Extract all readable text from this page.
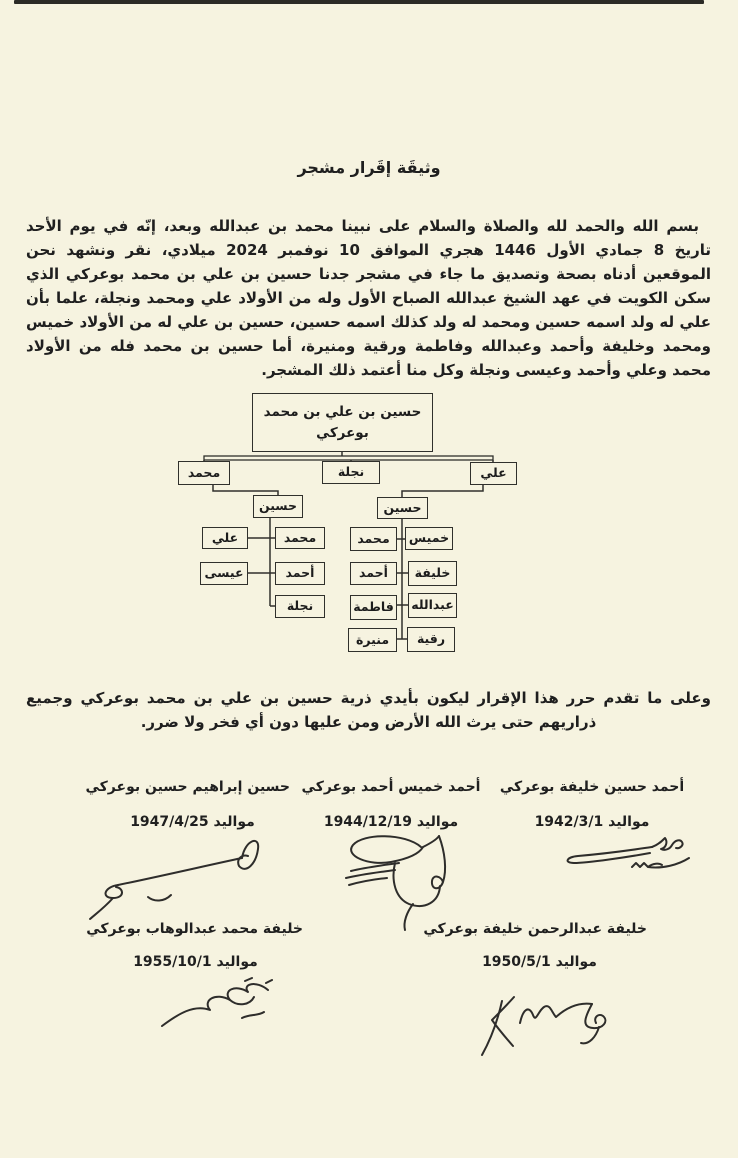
وثيقَة إقَرار مشجر
بسم الله والحمد لله والصلاة والسلام على نبينا محمد بن عبدالله وبعد، إنّه في يوم الأحد تاريخ 8 جمادي الأول 1446 هجري الموافق 10 نوفمبر 2024 ميلادي، نقر ونشهد نحن الموقعين أدناه بصحة وتصديق ما جاء في مشجر جدنا حسين بن علي بن محمد بوعركي الذي سكن الكويت في عهد الشيخ عبدالله الصباح الأول وله من الأولاد علي ومحمد ونجلة، علما بأن علي له ولد اسمه حسين ومحمد له ولد كذلك اسمه حسين، حسين بن علي له من الأولاد خميس ومحمد وخليفة وأحمد وعبدالله وفاطمة ورقية ومنيرة، أما حسين بن محمد فله من الأولاد محمد وعلي وأحمد وعيسى ونجلة وكل منا أعتمد ذلك المشجر.
حسين بن علي بن محمد بوعركي
محمد	نجلة	علي
حسين	حسين
محمد
علي
أحمد
عيسى
نجلة
خميس
محمد
خليفة
أحمد
عبدالله
فاطمة
رقية
منيرة
وعلى ما تقدم حرر هذا الإقرار ليكون بأيدي ذرية حسين بن علي بن محمد بوعركي وجميع ذراريهم حتى يرث الله الأرض ومن عليها دون أي فخر ولا ضرر.
أحمد حسين خليفة بوعركي
مواليد 1942/3/1
أحمد خميس أحمد بوعركي
مواليد 1944/12/19
حسين إبراهيم حسين بوعركي
مواليد 1947/4/25
خليفة عبدالرحمن خليفة بوعركي
مواليد 1950/5/1
خليفة محمد عبدالوهاب بوعركي
مواليد 1955/10/1
